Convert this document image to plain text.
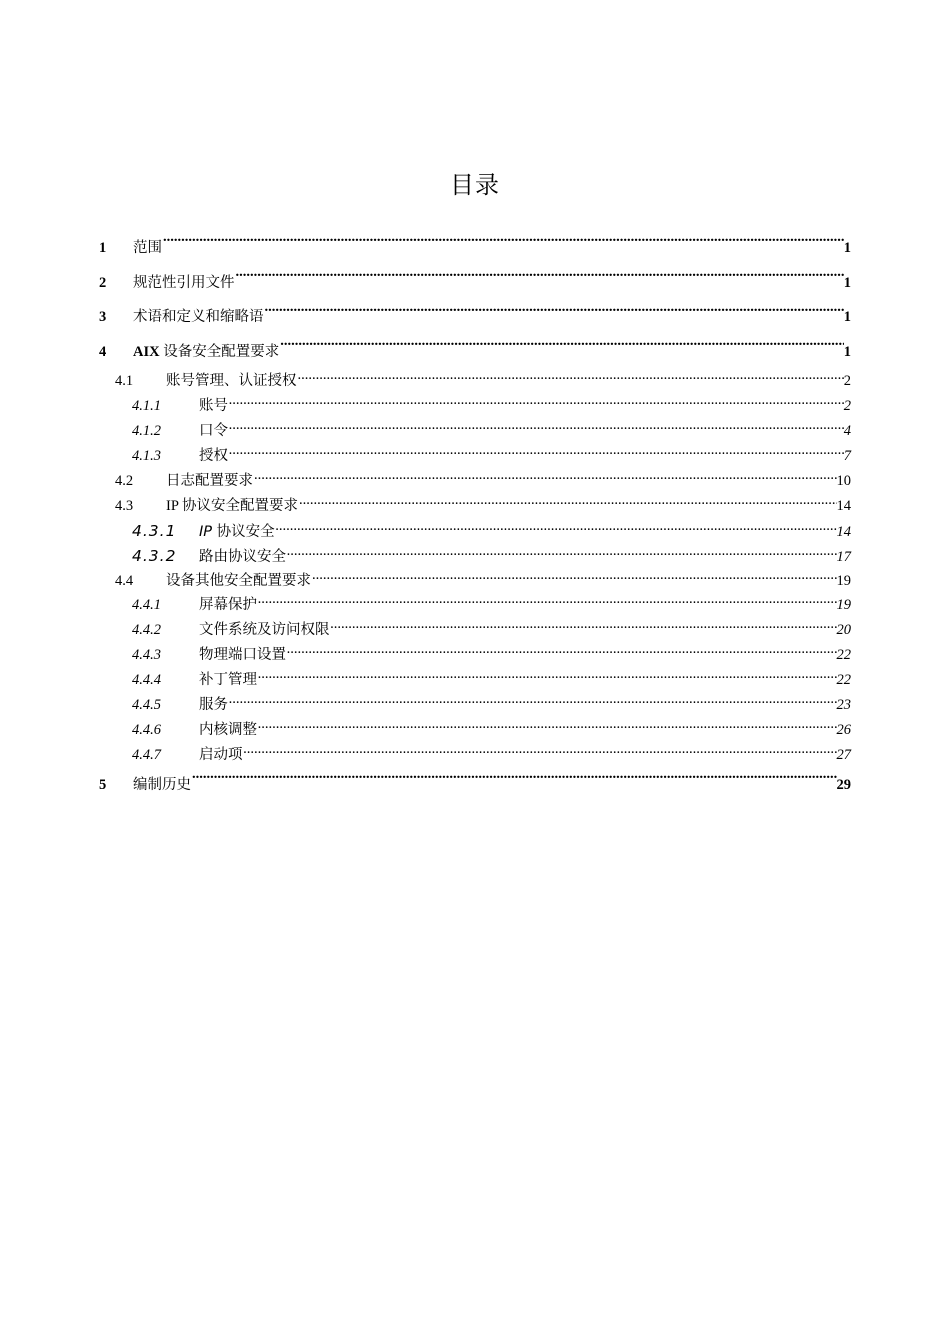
目录
1	范围 .....	1
2	规范性引用文件 .....	1
3	术语和定义和缩略语 .....	1
4	AIX 设备安全配置要求 .....	1
4.1	账号管理、认证授权 .....	2
4.1.1	账号 .....	2
4.1.2	口令 .....	4
4.1.3	授权 .....	7
4.2	日志配置要求 .....	10
4.3	IP 协议安全配置要求 .....	14
4.3.1	IP 协议安全 .....	14
4.3.2	路由协议安全 .....	17
4.4	设备其他安全配置要求 .....	19
4.4.1	屏幕保护 .....	19
4.4.2	文件系统及访问权限 .....	20
4.4.3	物理端口设置 .....	22
4.4.4	补丁管理 .....	22
4.4.5	服务 .....	23
4.4.6	内核调整 .....	26
4.4.7	启动项 .....	27
5	编制历史 .....	29
